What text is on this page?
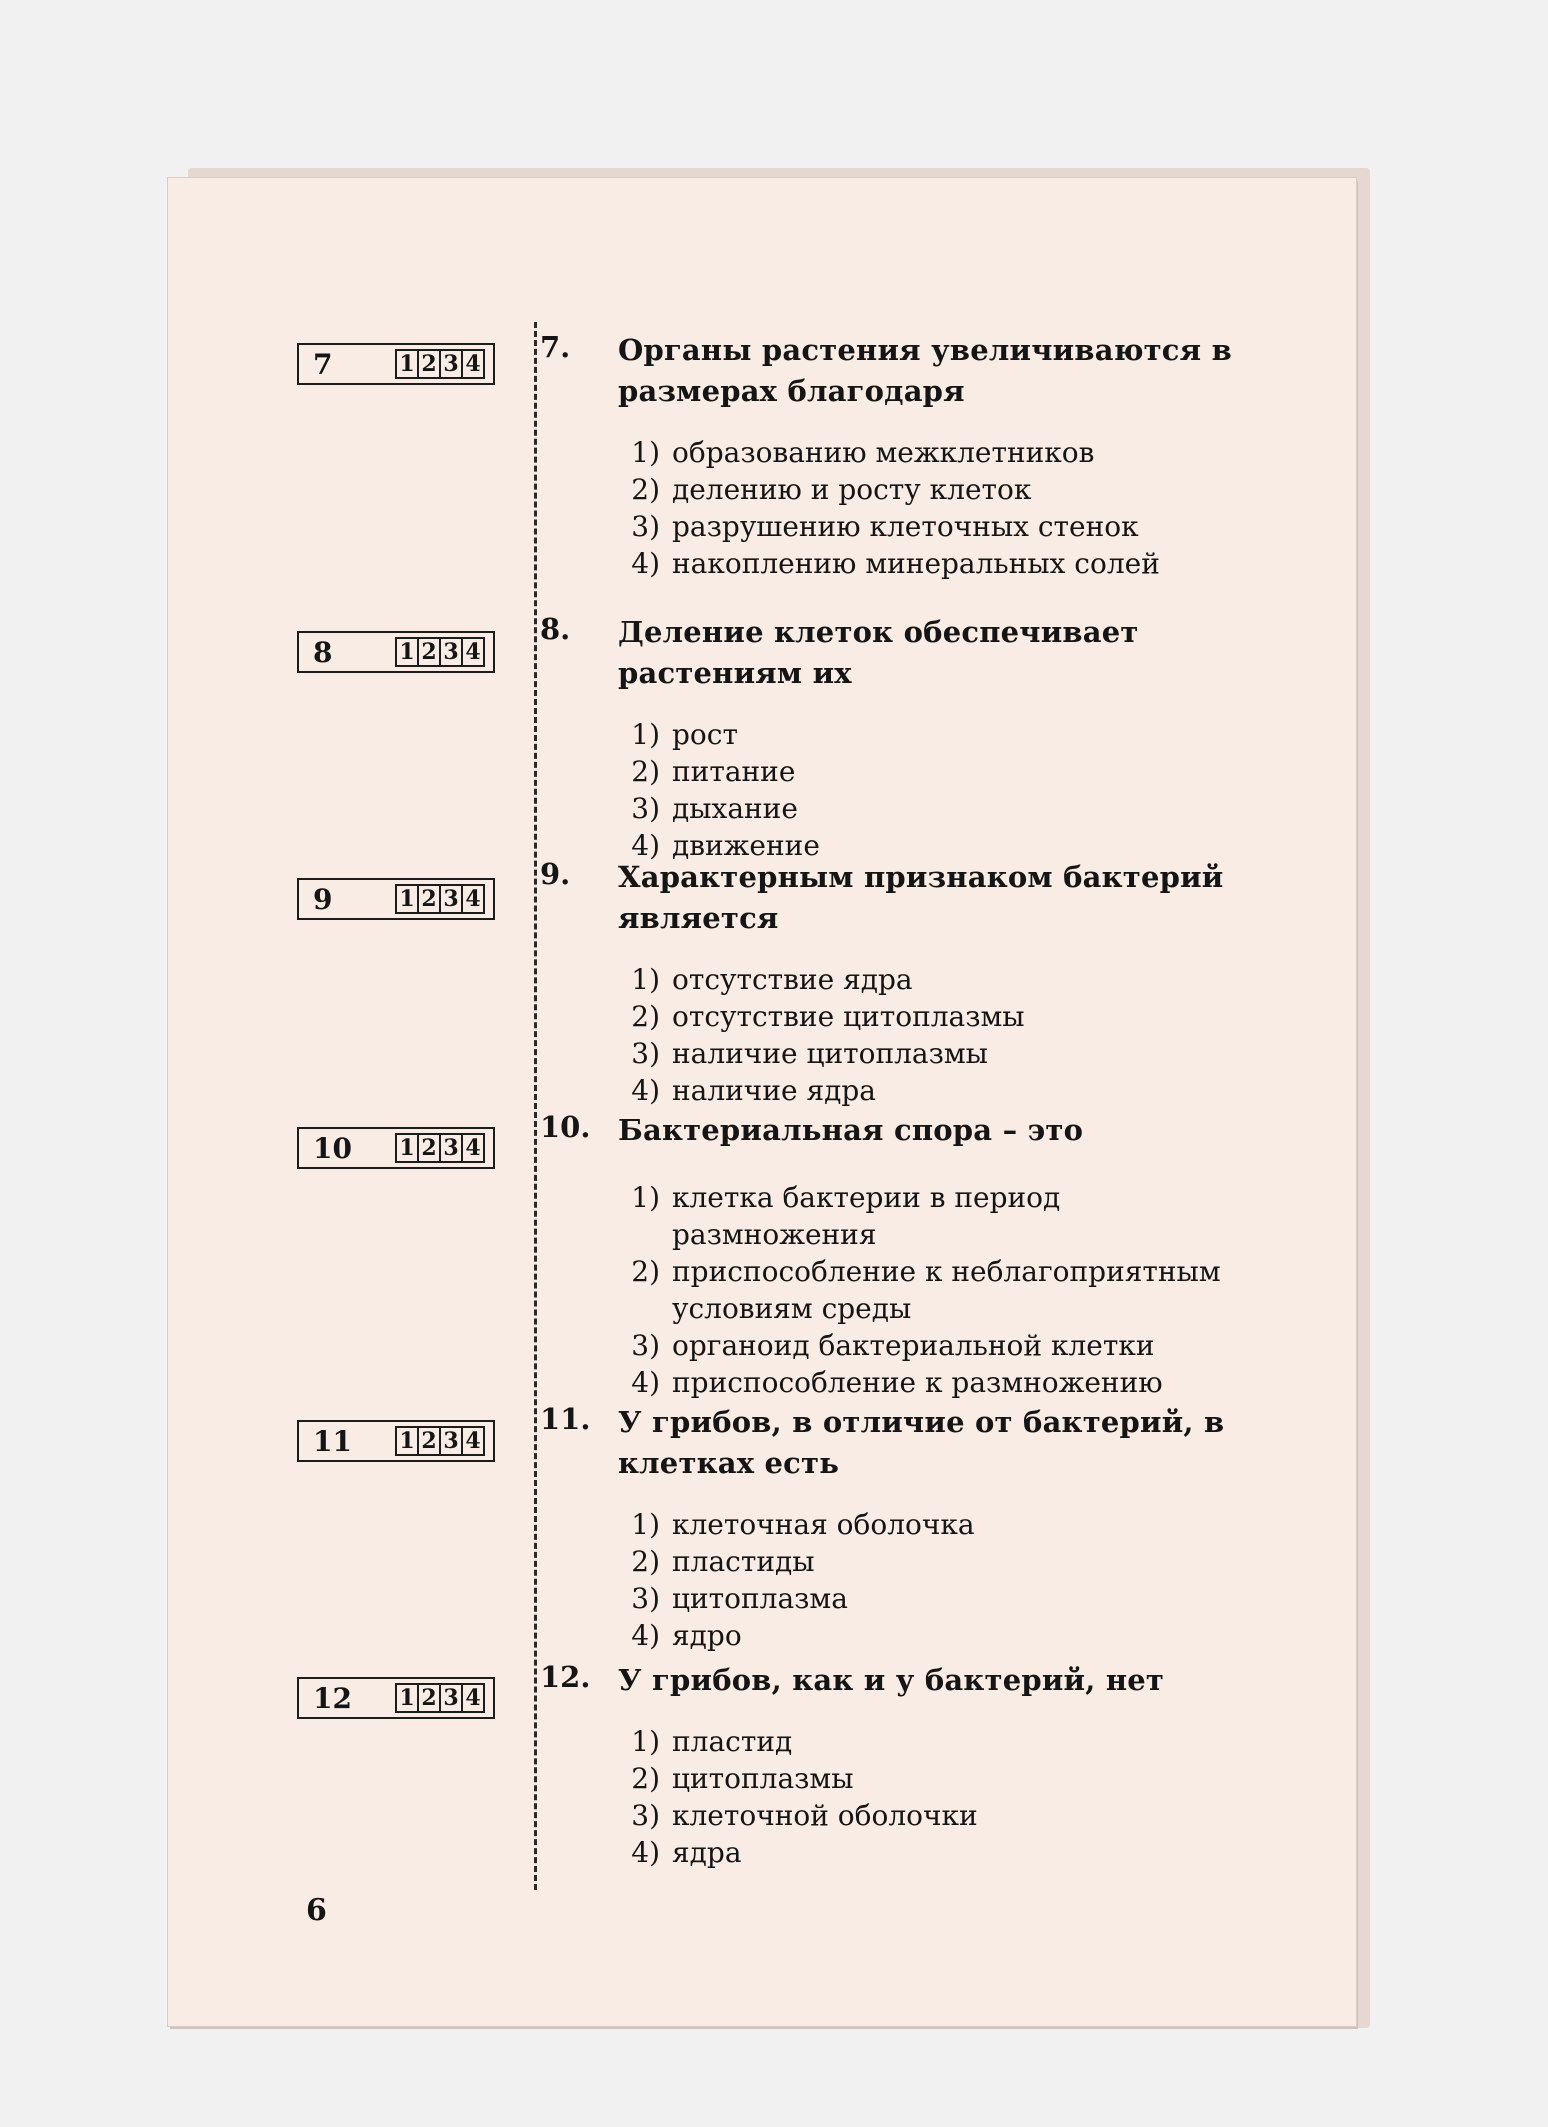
7	1 2 3 4 7.	Органы растения увеличиваются в размерах благодаря
1) образованию межклетников
2) делению и росту клеток
3) разрушению клеточных стенок
4) накоплению минеральных солей
8	1 2 3 4
8.	Деление клеток обеспечивает растениям их
1) рост
2) питание
3) дыхание
4) движение
9	1 2 3 4
9.	Характерным признаком бактерий является
1) отсутствие ядра
2) отсутствие цитоплазмы
3) наличие цитоплазмы
4) наличие ядра
10	1 2 3 4
10. Бактериальная спора – это
1) клетка бактерии в период размножения
2) приспособление к неблагоприятным условиям среды
3) органоид бактериальной клетки
4) приспособление к размножению
11	1 2 3 4
11. У грибов, в отличие от бактерий, в клетках есть
1) клеточная оболочка
2) пластиды
3) цитоплазма
4) ядро
12	1 2 3 4
12. У грибов, как и у бактерий, нет
1) пластид
2) цитоплазмы
3) клеточной оболочки
4) ядра
6
